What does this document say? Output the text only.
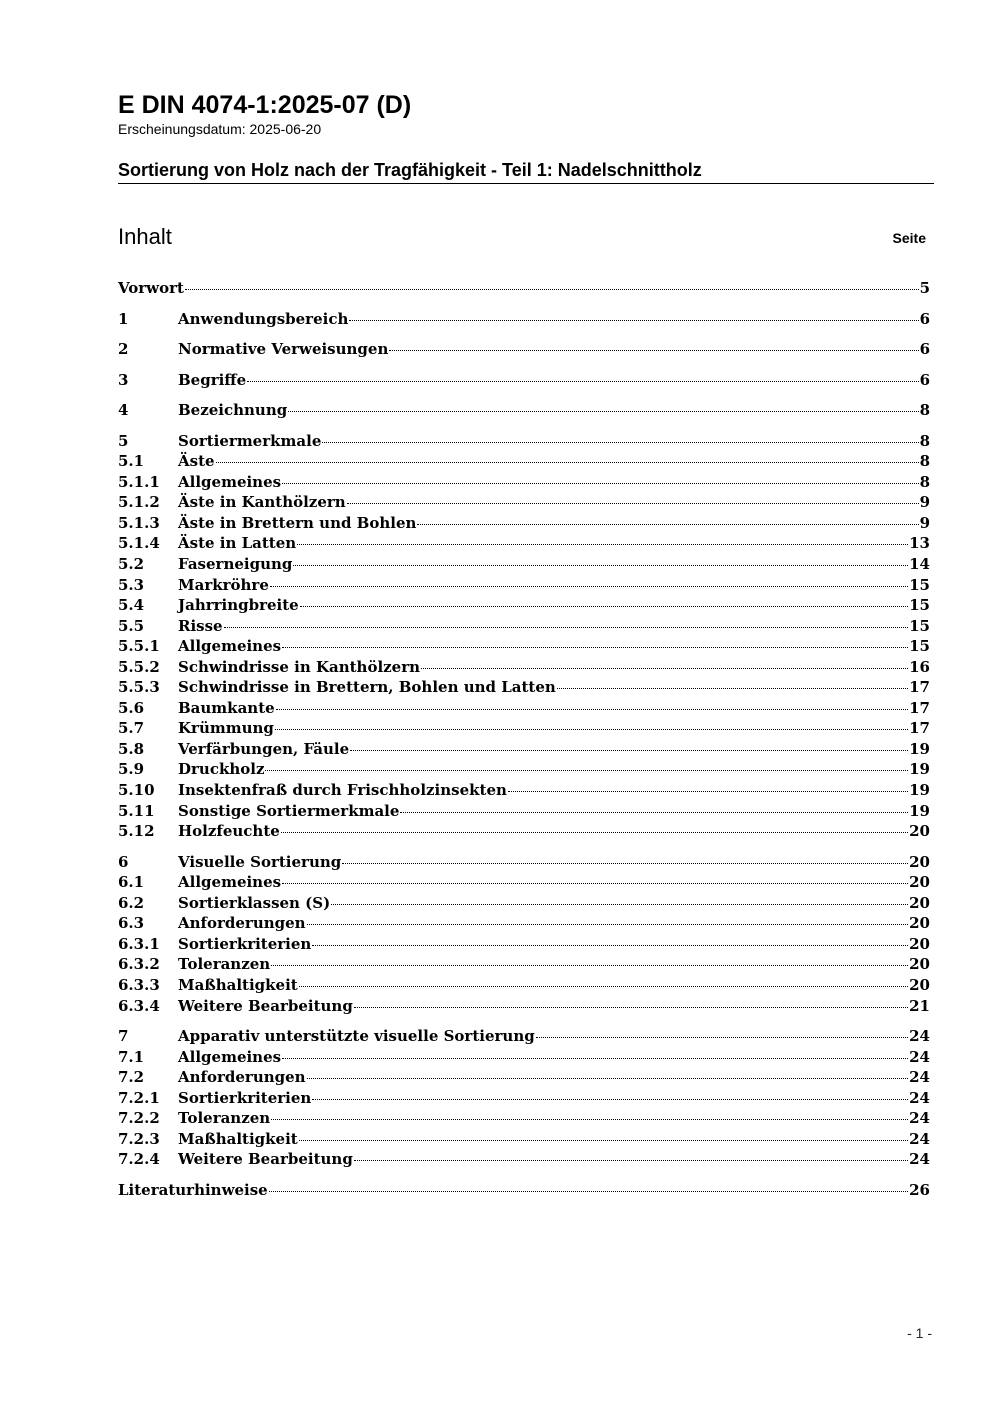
E DIN 4074-1:2025-07 (D)

Erscheinungsdatum: 2025-06-20

Sortierung von Holz nach der Tragfähigkeit - Teil 1: Nadelschnittholz
Inhalt	Seite
Vorwort	5
1	Anwendungsbereich	6
2	Normative Verweisungen	6
3	Begriffe	6
4	Bezeichnung	8
5	Sortiermerkmale	8
5.1	Äste	8
5.1.1	Allgemeines	8
5.1.2	Äste in Kanthölzern	9
5.1.3	Äste in Brettern und Bohlen	9
5.1.4	Äste in Latten	13
5.2	Faserneigung	14
5.3	Markröhre	15
5.4	Jahrringbreite	15
5.5	Risse	15
5.5.1	Allgemeines	15
5.5.2	Schwindrisse in Kanthölzern	16
5.5.3	Schwindrisse in Brettern, Bohlen und Latten	17
5.6	Baumkante	17
5.7	Krümmung	17
5.8	Verfärbungen, Fäule	19
5.9	Druckholz	19
5.10	Insektenfraß durch Frischholzinsekten	19
5.11	Sonstige Sortiermerkmale	19
5.12	Holzfeuchte	20
6	Visuelle Sortierung	20
6.1	Allgemeines	20
6.2	Sortierklassen (S)	20
6.3	Anforderungen	20
6.3.1	Sortierkriterien	20
6.3.2	Toleranzen	20
6.3.3	Maßhaltigkeit	20
6.3.4	Weitere Bearbeitung	21
7	Apparativ unterstützte visuelle Sortierung	24
7.1	Allgemeines	24
7.2	Anforderungen	24
7.2.1	Sortierkriterien	24
7.2.2	Toleranzen	24
7.2.3	Maßhaltigkeit	24
7.2.4	Weitere Bearbeitung	24
Literaturhinweise	26
- 1 -
